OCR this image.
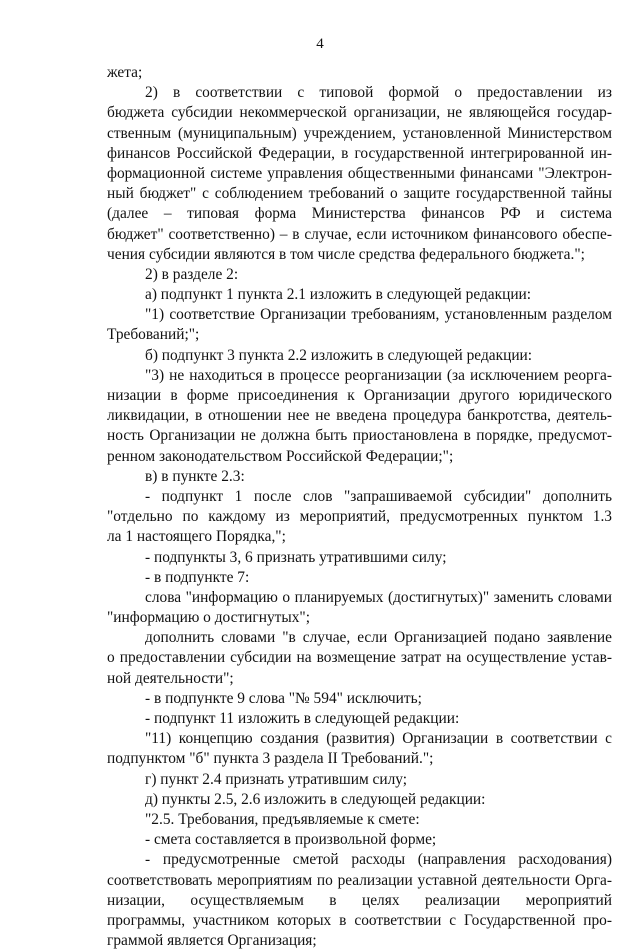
4
жета;
2) в соответствии с типовой формой о предоставлении из
бюджета субсидии некоммерческой организации, не являющейся государ-
ственным (муниципальным) учреждением, установленной Министерством
финансов Российской Федерации, в государственной интегрированной ин-
формационной системе управления общественными финансами "Электрон-
ный бюджет" с соблюдением требований о защите государственной тайны
(далее – типовая форма Министерства финансов РФ и система
бюджет" соответственно) – в случае, если источником финансового обеспе-
чения субсидии являются в том числе средства федерального бюджета.";
2) в разделе 2:
а) подпункт 1 пункта 2.1 изложить в следующей редакции:
"1) соответствие Организации требованиям, установленным разделом
Требований;";
б) подпункт 3 пункта 2.2 изложить в следующей редакции:
"3) не находиться в процессе реорганизации (за исключением реорга-
низации в форме присоединения к Организации другого юридического
ликвидации, в отношении нее не введена процедура банкротства, деятель-
ность Организации не должна быть приостановлена в порядке, предусмот-
ренном законодательством Российской Федерации;";
в) в пункте 2.3:
- подпункт 1 после слов "запрашиваемой субсидии" дополнить
"отдельно по каждому из мероприятий, предусмотренных пунктом 1.3
ла 1 настоящего Порядка,";
- подпункты 3, 6 признать утратившими силу;
- в подпункте 7:
слова "информацию о планируемых (достигнутых)" заменить словами
"информацию о достигнутых";
дополнить словами "в случае, если Организацией подано заявление
о предоставлении субсидии на возмещение затрат на осуществление устав-
ной деятельности";
- в подпункте 9 слова "№ 594" исключить;
- подпункт 11 изложить в следующей редакции:
"11) концепцию создания (развития) Организации в соответствии с
подпунктом "б" пункта 3 раздела II Требований.";
г) пункт 2.4 признать утратившим силу;
д) пункты 2.5, 2.6 изложить в следующей редакции:
"2.5. Требования, предъявляемые к смете:
- смета составляется в произвольной форме;
- предусмотренные сметой расходы (направления расходования)
соответствовать мероприятиям по реализации уставной деятельности Орга-
низации, осуществляемым в целях реализации мероприятий
программы, участником которых в соответствии с Государственной про-
граммой является Организация;
